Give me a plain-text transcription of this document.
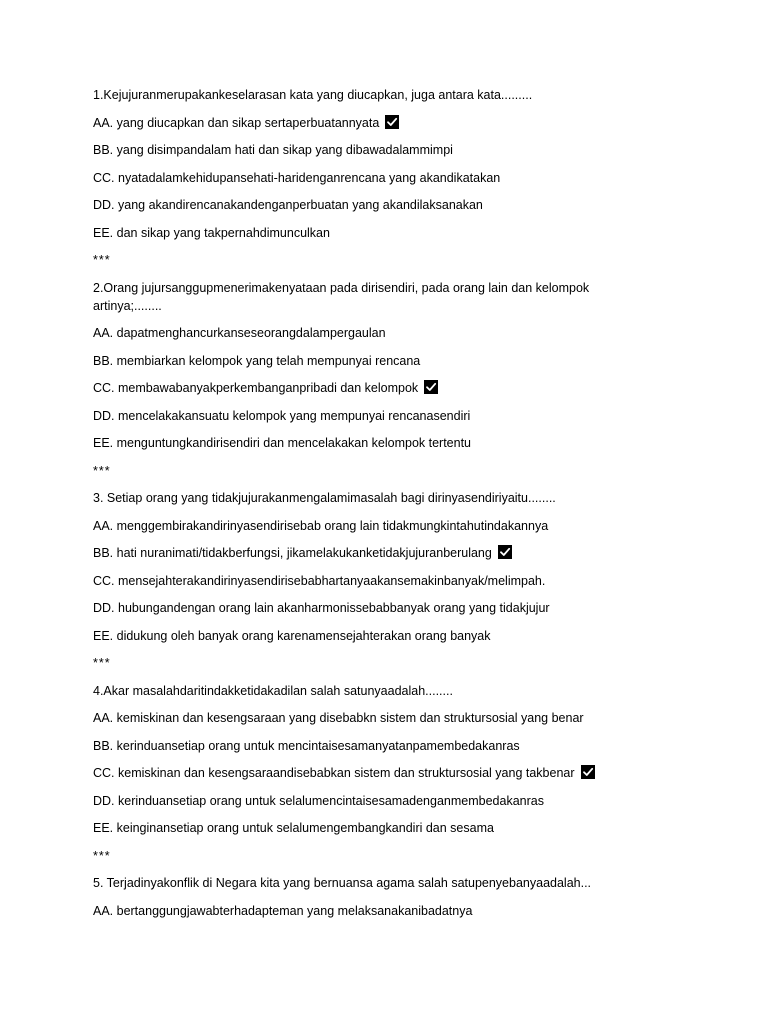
1.Kejujuranmerupakankeselarasan kata yang diucapkan, juga antara kata.........

AA. yang diucapkan dan sikap sertaperbuatannyata

BB. yang disimpandalam hati dan sikap yang dibawadalammimpi

CC. nyatadalamkehidupansehati-haridenganrencana yang akandikatakan

DD. yang akandirencanakandenganperbuatan yang akandilaksanakan

EE. dan sikap yang takpernahdimunculkan

***

2.Orang jujursanggupmenerimakenyataan pada dirisendiri, pada orang lain dan kelompok artinya;........

AA. dapatmenghancurkanseseorangdalampergaulan

BB. membiarkan kelompok yang telah mempunyai rencana

CC. membawabanyakperkembanganpribadi dan kelompok

DD. mencelakakansuatu kelompok yang mempunyai rencanasendiri

EE. menguntungkandirisendiri dan mencelakakan kelompok tertentu

***

3. Setiap orang yang tidakjujurakanmengalamimasalah bagi dirinyasendiriyaitu........

AA. menggembirakandirinyasendirisebab orang lain tidakmungkintahutindakannya

BB. hati nuranimati/tidakberfungsi, jikamelakukanketidakjujuranberulang

CC. mensejahterakandirinyasendirisebabhartanyaakansemakinbanyak/melimpah.

DD. hubungandengan orang lain akanharmonissebabbanyak orang yang tidakjujur

EE. didukung oleh banyak orang karenamensejahterakan orang banyak

***

4.Akar masalahdaritindakketidakadilan salah satunyaadalah........

AA. kemiskinan dan kesengsaraan yang disebabkn sistem dan struktursosial yang benar

BB. kerinduansetiap orang untuk mencintaisesamanyatanpamembedakanras

CC. kemiskinan dan kesengsaraandisebabkan sistem dan struktursosial yang takbenar

DD. kerinduansetiap orang untuk selalumencintaisesamadenganmembedakanras

EE. keinginansetiap orang untuk selalumengembangkandiri dan sesama

***

5. Terjadinyakonflik di Negara kita yang bernuansa agama salah satupenyebanyaadalah...

AA. bertanggungjawabterhadapteman yang melaksanakanibadatnya
